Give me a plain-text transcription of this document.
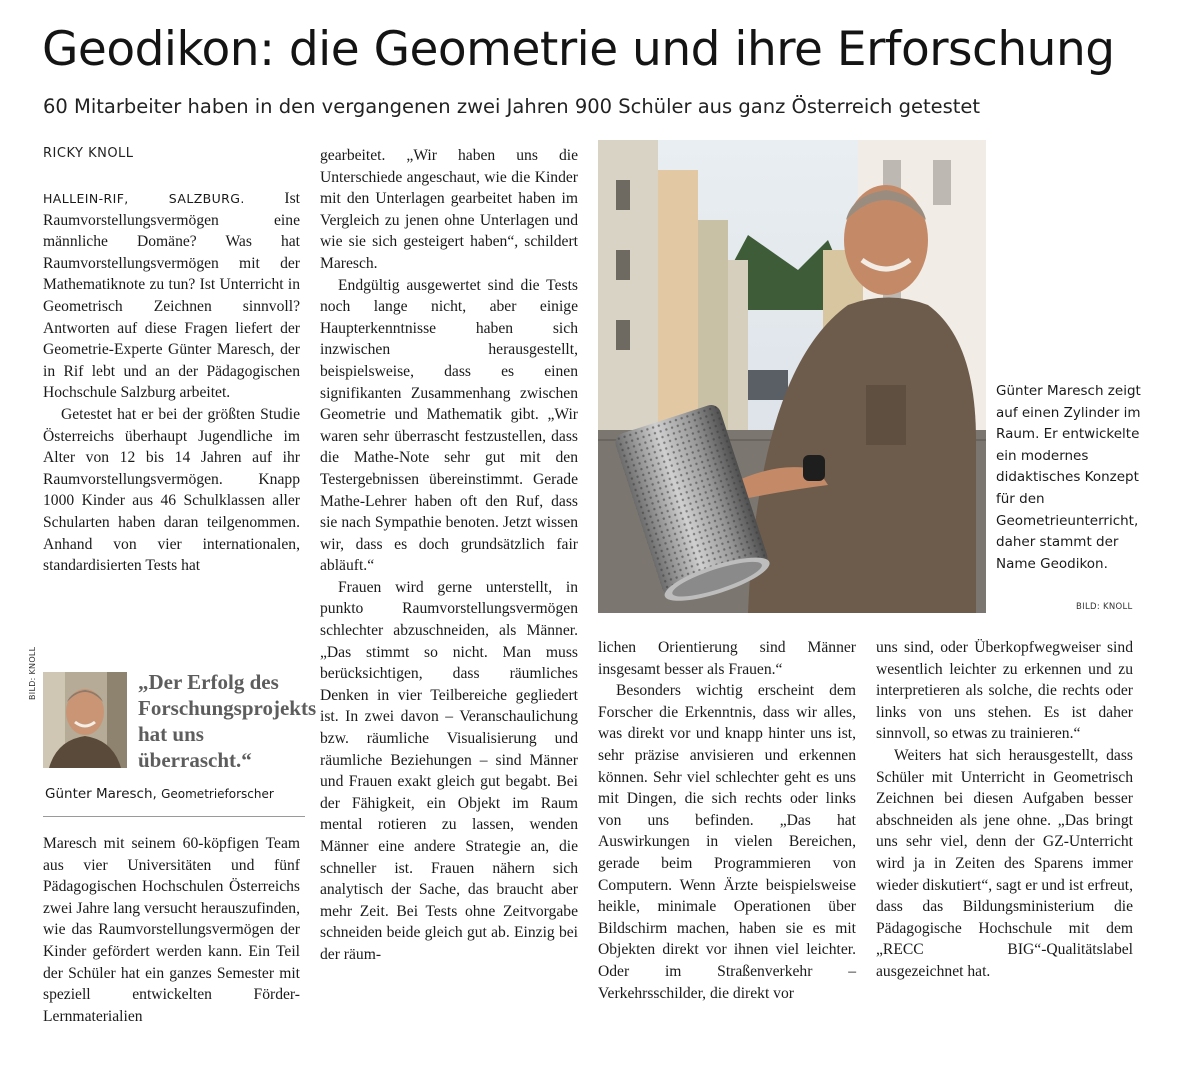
Geodikon: die Geometrie und ihre Erforschung
60 Mitarbeiter haben in den vergangenen zwei Jahren 900 Schüler aus ganz Österreich getestet
RICKY KNOLL

HALLEIN-RIF, SALZBURG.	Ist Raumvorstellungsvermögen eine männliche Domäne? Was hat Raumvorstellungsvermögen mit der Mathematiknote zu tun? Ist Unterricht in Geometrisch Zeichnen sinnvoll? Antworten auf diese Fragen liefert der Geometrie-Experte Günter Maresch, der in Rif lebt und an der Pädagogischen Hochschule Salzburg arbeitet.

Getestet hat er bei der größten Studie Österreichs überhaupt Jugendliche im Alter von 12 bis 14 Jahren auf ihr Raumvorstellungsvermögen. Knapp 1000 Kinder aus 46 Schulklassen aller Schularten haben daran teilgenommen. Anhand von vier internationalen, standardisierten Tests hat

BILD: KNOLL	„Der Erfolg des Forschungsprojekts hat uns überrascht.“
Günter Maresch, Geometrieforscher

Maresch mit seinem 60-köpfigen Team aus vier Universitäten und fünf Pädagogischen Hochschulen Österreichs zwei Jahre lang versucht herauszufinden, wie das Raumvorstellungsvermögen der Kinder gefördert werden kann. Ein Teil der Schüler hat ein ganzes Semester mit speziell entwickelten Förder-Lernmaterialien

gearbeitet. „Wir haben uns die Unterschiede angeschaut, wie die Kinder mit den Unterlagen gearbeitet haben im Vergleich zu jenen ohne Unterlagen und wie sie sich gesteigert haben“, schildert Maresch.

Endgültig ausgewertet sind die Tests noch lange nicht, aber einige Haupterkenntnisse haben sich inzwischen herausgestellt, beispielsweise, dass es einen signifikanten Zusammenhang zwischen Geometrie und Mathematik gibt. „Wir waren sehr überrascht festzustellen, dass die Mathe-Note sehr gut mit den Testergebnissen übereinstimmt. Gerade Mathe-Lehrer haben oft den Ruf, dass sie nach Sympathie benoten. Jetzt wissen wir, dass es doch grundsätzlich fair abläuft.“

Frauen wird gerne unterstellt, in punkto Raumvorstellungsvermögen schlechter abzuschneiden, als Männer. „Das stimmt so nicht. Man muss berücksichtigen, dass räumliches Denken in vier Teilbereiche gegliedert ist. In zwei davon – Veranschaulichung bzw. räumliche Visualisierung und räumliche Beziehungen – sind Männer und Frauen exakt gleich gut begabt. Bei der Fähigkeit, ein Objekt im Raum mental rotieren zu lassen, wenden Männer eine andere Strategie an, die schneller ist. Frauen nähern sich analytisch der Sache, das braucht aber mehr Zeit. Bei Tests ohne Zeitvorgabe schneiden beide gleich gut ab. Einzig bei der räum-

Günter Maresch zeigt auf einen Zylinder im Raum. Er entwickelte ein modernes didaktisches Konzept für den Geometrieunterricht, daher stammt der Name Geodikon.
BILD: KNOLL

lichen Orientierung sind Männer insgesamt besser als Frauen.“

Besonders wichtig erscheint dem Forscher die Erkenntnis, dass wir alles, was direkt vor und knapp hinter uns ist, sehr präzise anvisieren und erkennen können. Sehr viel schlechter geht es uns mit Dingen, die sich rechts oder links von uns befinden. „Das hat Auswirkungen in vielen Bereichen, gerade beim Programmieren von Computern. Wenn Ärzte beispielsweise heikle, minimale Operationen über Bildschirm machen, haben sie es mit Objekten direkt vor ihnen viel leichter. Oder im Straßenverkehr – Verkehrsschilder, die direkt vor

uns sind, oder Überkopfwegweiser sind wesentlich leichter zu erkennen und zu interpretieren als solche, die rechts oder links von uns stehen. Es ist daher sinnvoll, so etwas zu trainieren.“

Weiters hat sich herausgestellt, dass Schüler mit Unterricht in Geometrisch Zeichnen bei diesen Aufgaben besser abschneiden als jene ohne. „Das bringt uns sehr viel, denn der GZ-Unterricht wird ja in Zeiten des Sparens immer wieder diskutiert“, sagt er und ist erfreut, dass das Bildungsministerium die Pädagogische Hochschule mit dem „RECC BIG“-Qualitätslabel ausgezeichnet hat.
